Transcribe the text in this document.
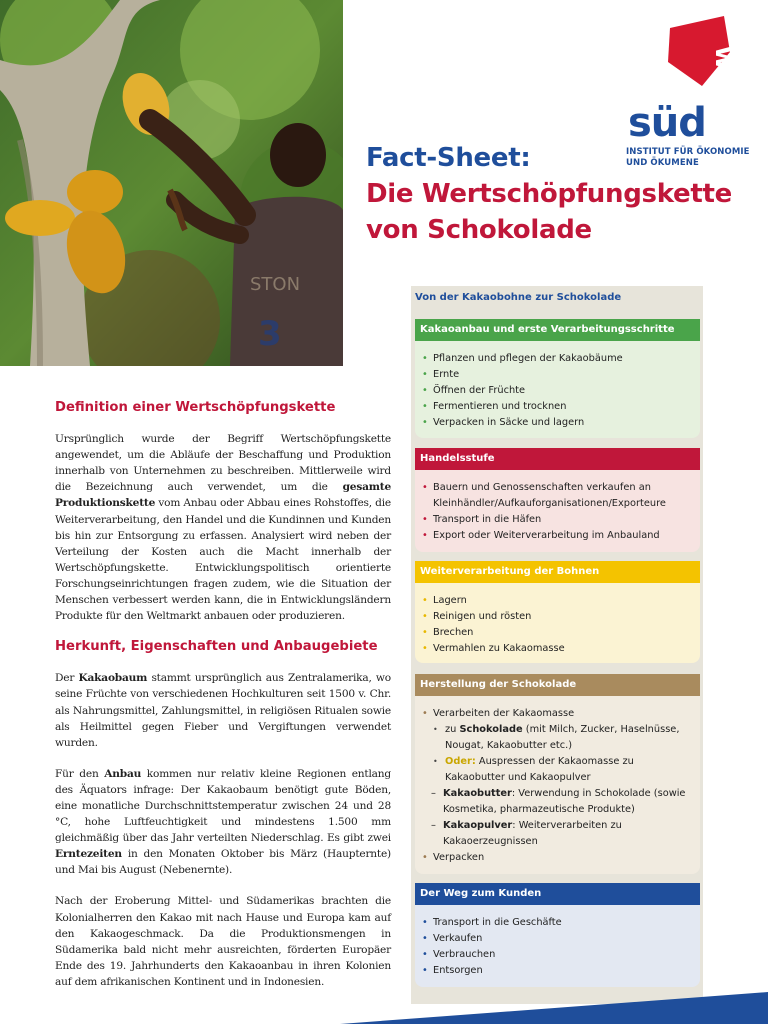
STON
3
wind
süd
INSTITUT FÜR ÖKONOMIE
UND ÖKUMENE
Fact-Sheet:
Die Wertschöpfungskette
von Schokolade
Definition einer Wertschöpfungskette

Ursprünglich wurde der Begriff Wertschöpfungskette angewendet, um die Abläufe der Beschaffung und Produktion innerhalb von Unternehmen zu beschreiben. Mittlerweile wird die Bezeichnung auch verwendet, um die gesamte Produktionskette vom Anbau oder Abbau eines Rohstoffes, die Weiterverarbeitung, den Handel und die Kundinnen und Kunden bis hin zur Entsorgung zu erfassen. Analysiert wird neben der Verteilung der Kosten auch die Macht innerhalb der Wertschöpfungskette. Entwicklungspolitisch orientierte Forschungseinrichtungen fragen zudem, wie die Situation der Menschen verbessert werden kann, die in Entwicklungsländern Produkte für den Weltmarkt anbauen oder produzieren.

Herkunft, Eigenschaften und Anbaugebiete

Der Kakaobaum stammt ursprünglich aus Zentralamerika, wo seine Früchte von verschiedenen Hochkulturen seit 1500 v. Chr. als Nahrungsmittel, Zahlungsmittel, in religiösen Ritualen sowie als Heilmittel gegen Fieber und Vergiftungen verwendet wurden.

Für den Anbau kommen nur relativ kleine Regionen entlang des Äquators infrage: Der Kakaobaum benötigt gute Böden, eine monatliche Durchschnittstemperatur zwischen 24 und 28 °C, hohe Luftfeuchtigkeit und mindestens 1.500 mm gleichmäßig über das Jahr verteilten Niederschlag. Es gibt zwei Erntezeiten in den Monaten Oktober bis März (Haupternte) und Mai bis August (Nebenernte).

Nach der Eroberung Mittel- und Südamerikas brachten die Kolonialherren den Kakao mit nach Hause und Europa kam auf den Kakaogeschmack. Da die Produktionsmengen in Südamerika bald nicht mehr ausreichten, förderten Europäer Ende des 19. Jahrhunderts den Kakaoanbau in ihren Kolonien auf dem afrikanischen Kontinent und in Indonesien.

Von der Kakaobohne zur Schokolade
Kakaoanbau und erste Verarbeitungsschritte
• Pflanzen und pflegen der Kakaobäume
• Ernte
• Öffnen der Früchte
• Fermentieren und trocknen
• Verpacken in Säcke und lagern
Handelsstufe
• Bauern und Genossenschaften verkaufen an Kleinhändler/Aufkauforganisationen/Exporteure
• Transport in die Häfen
• Export oder Weiterverarbeitung im Anbauland
Weiterverarbeitung der Bohnen
• Lagern
• Reinigen und rösten
• Brechen
• Vermahlen zu Kakaomasse
Herstellung der Schokolade
• Verarbeiten der Kakaomasse
• zu Schokolade (mit Milch, Zucker, Haselnüsse, Nougat, Kakaobutter etc.)
• Oder: Auspressen der Kakaomasse zu Kakaobutter und Kakaopulver
– Kakaobutter: Verwendung in Schokolade (sowie Kosmetika, pharmazeutische Produkte)
– Kakaopulver: Weiterverarbeiten zu Kakaoerzeugnissen
• Verpacken
Der Weg zum Kunden
• Transport in die Geschäfte
• Verkaufen
• Verbrauchen
• Entsorgen
